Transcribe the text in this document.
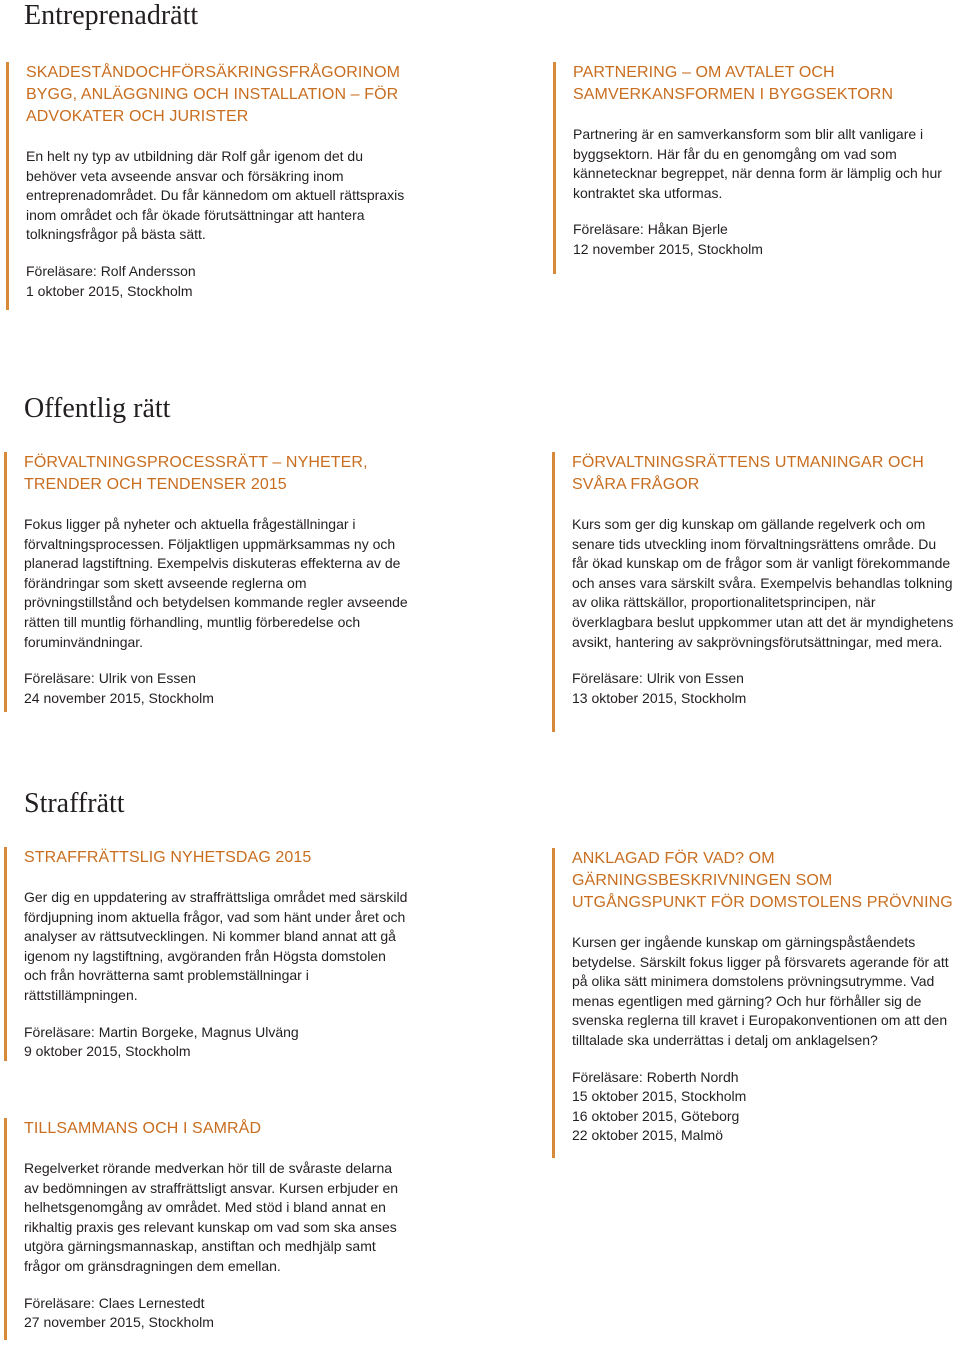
Entreprenadrätt
SKADESTÅNDOCHFÖRSÄKRINGSFRÅGORINOM BYGG, ANLÄGGNING OCH INSTALLATION – FÖR ADVOKATER OCH JURISTER

En helt ny typ av utbildning där Rolf går igenom det du behöver veta avseende ansvar och försäkring inom entreprenadområdet. Du får kännedom om aktuell rättspraxis inom området och får ökade förutsättningar att hantera tolkningsfrågor på bästa sätt.

Föreläsare: Rolf Andersson
1 oktober 2015, Stockholm
PARTNERING – OM AVTALET OCH SAMVERKANSFORMEN I BYGGSEKTORN

Partnering är en samverkansform som blir allt vanligare i byggsektorn. Här får du en genomgång om vad som kännetecknar begreppet, när denna form är lämplig och hur kontraktet ska utformas.

Föreläsare: Håkan Bjerle
12 november 2015, Stockholm
Offentlig rätt
FÖRVALTNINGSPROCESSRÄTT – NYHETER, TRENDER OCH TENDENSER 2015

Fokus ligger på nyheter och aktuella frågeställningar i förvaltningsprocessen. Följaktligen uppmärksammas ny och planerad lagstiftning. Exempelvis diskuteras effekterna av de förändringar som skett avseende reglerna om prövningstillstånd och betydelsen kommande regler avseende rätten till muntlig förhandling, muntlig förberedelse och foruminvändningar.

Föreläsare: Ulrik von Essen
24 november 2015, Stockholm
FÖRVALTNINGSRÄTTENS UTMANINGAR OCH SVÅRA FRÅGOR

Kurs som ger dig kunskap om gällande regelverk och om senare tids utveckling inom förvaltningsrättens område. Du får ökad kunskap om de frågor som är vanligt förekommande och anses vara särskilt svåra. Exempelvis behandlas tolkning av olika rättskällor, proportionalitetsprincipen, när överklagbara beslut uppkommer utan att det är myndighetens avsikt, hantering av sakprövningsförutsättningar, med mera.

Föreläsare: Ulrik von Essen
13 oktober 2015, Stockholm
Straffrätt
STRAFFRÄTTSLIG NYHETSDAG 2015

Ger dig en uppdatering av straffrättsliga området med särskild fördjupning inom aktuella frågor, vad som hänt under året och analyser av rättsutvecklingen. Ni kommer bland annat att gå igenom ny lagstiftning, avgöranden från Högsta domstolen och från hovrätterna samt problemställningar i rättstillämpningen.

Föreläsare: Martin Borgeke, Magnus Ulväng
9 oktober 2015, Stockholm
ANKLAGAD FÖR VAD? OM GÄRNINGSBESKRIVNINGEN SOM UTGÅNGSPUNKT FÖR DOMSTOLENS PRÖVNING

Kursen ger ingående kunskap om gärningspåståendets betydelse. Särskilt fokus ligger på försvarets agerande för att på olika sätt minimera domstolens prövningsutrymme. Vad menas egentligen med gärning? Och hur förhåller sig de svenska reglerna till kravet i Europakonventionen om att den tilltalade ska underrättas i detalj om anklagelsen?

Föreläsare: Roberth Nordh
15 oktober 2015, Stockholm
16 oktober 2015, Göteborg
22 oktober 2015, Malmö
TILLSAMMANS OCH I SAMRÅD

Regelverket rörande medverkan hör till de svåraste delarna av bedömningen av straffrättsligt ansvar. Kursen erbjuder en helhetsgenomgång av området. Med stöd i bland annat en rikhaltig praxis ges relevant kunskap om vad som ska anses utgöra gärningsmannaskap, anstiftan och medhjälp samt frågor om gränsdragningen dem emellan.

Föreläsare: Claes Lernestedt
27 november 2015, Stockholm
